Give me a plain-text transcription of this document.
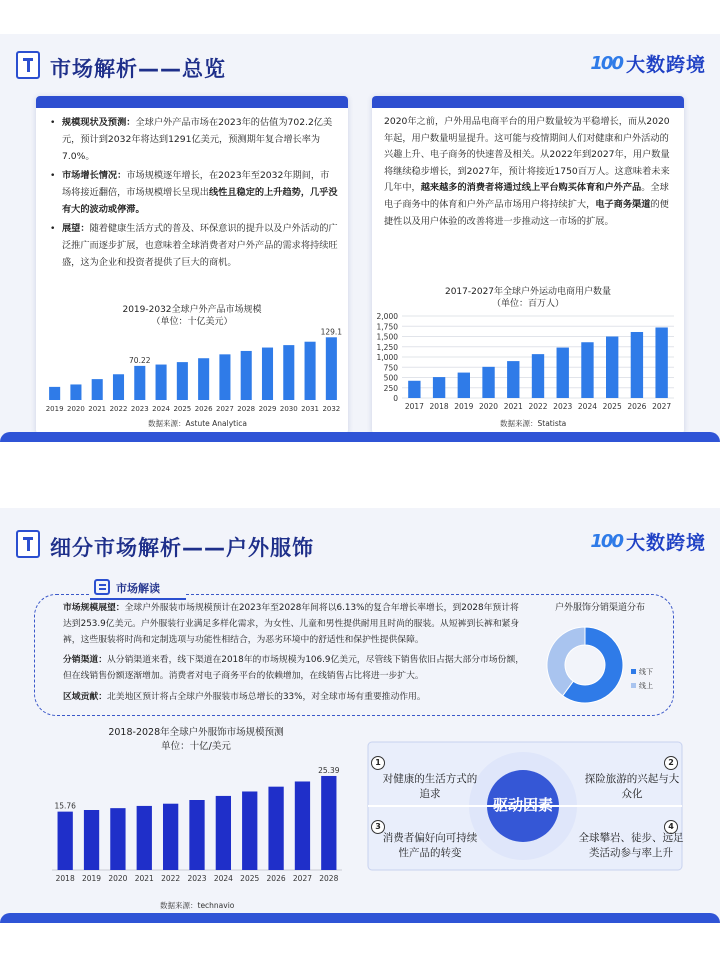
市场解析——总览	100 大数跨境
• 规模现状及预测：全球户外产品市场在2023年的估值为702.2亿美元，预计到2032年将达到1291亿美元，预测期年复合增长率为7.0%。
• 市场增长情况：市场规模逐年增长，在2023年至2032年期间，市场将接近翻倍，市场规模增长呈现出线性且稳定的上升趋势，几乎没有大的波动或停滞。
• 展望：随着健康生活方式的普及、环保意识的提升以及户外活动的广泛推广而逐步扩展，也意味着全球消费者对户外产品的需求将持续旺盛，这为企业和投资者提供了巨大的商机。
2019-2032全球户外产品市场规模
（单位：十亿美元）
2019 2020 2021 2022 2023
70.22
2024 2025 2026 2027 2028 2029 2030 2031 2032
129.1
数据来源：Astute Analytica
2020年之前，户外用品电商平台的用户数量较为平稳增长，而从2020年起，用户数量明显提升。这可能与疫情期间人们对健康和户外活动的兴趣上升、电子商务的快速普及相关。从2022年到2027年，用户数量将继续稳步增长，到2027年，预计将接近1750百万人。这意味着未来几年中，越来越多的消费者将通过线上平台购买体育和户外产品。全球电子商务中的体育和户外产品市场用户将持续扩大，电子商务渠道的便捷性以及用户体验的改善将进一步推动这一市场的扩展。
2017-2027年全球户外运动电商用户数量
（单位：百万人）
0
250
500
750
1,000
1,250
1,500
1,750
2,000
2017 2018 2019 2020 2021 2022 2023 2024 2025 2026 2027
数据来源：Statista
细分市场解析——户外服饰	100 大数跨境
市场规模展望：全球户外服装市场规模预计在2023年至2028年间将以6.13%的复合年增长率增长，到2028年预计将达到253.9亿美元。户外服装行业满足多样化需求，为女性、儿童和男性提供耐用且时尚的服装。从短裤到长裤和紧身裤，这些服装将时尚和定制选项与功能性相结合，为恶劣环境中的舒适性和保护性提供保障。
分销渠道：从分销渠道来看，线下渠道在2018年的市场规模为106.9亿美元，尽管线下销售依旧占据大部分市场份额，但在线销售份额逐渐增加。消费者对电子商务平台的依赖增加，在线销售占比将进一步扩大。
区域贡献：北美地区预计将占全球户外服装市场总增长的33%，对全球市场有重要推动作用。
户外服饰分销渠道分布
线下
线上
市场解读
2018-2028年全球户外服饰市场规模预测
单位：十亿/美元
2018
15.76
2019 2020 2021 2022 2023 2024 2025 2026 2027 2028
25.39
数据来源：technavio
驱动因素
1
对健康的生活方式的追求
2
探险旅游的兴起与大众化
3
消费者偏好向可持续性产品的转变
4
全球攀岩、徒步、远足类活动参与率上升
